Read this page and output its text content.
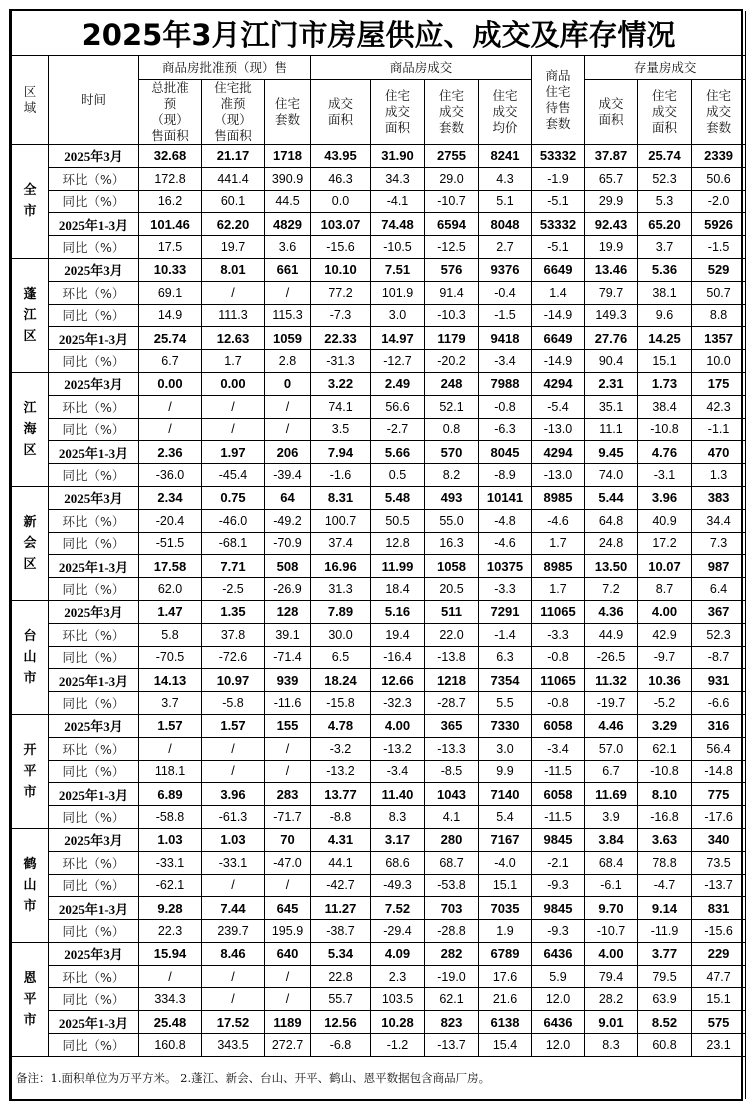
2025年3月江门市房屋供应、成交及库存情况												
区域	时间	商品房批准预（现）售			商品房成交				商品住宅待售套数	存量房成交		
		总批准预（现）售面积	住宅批准预（现）售面积	住宅套数	成交面积	住宅成交面积	住宅成交套数	住宅成交均价		成交面积	住宅成交面积	住宅成交套数
全市	2025年3月	32.68	21.17	1718	43.95	31.90	2755	8241	53332	37.87	25.74	2339
	环比（%）	172.8	441.4	390.9	46.3	34.3	29.0	4.3	-1.9	65.7	52.3	50.6
	同比（%）	16.2	60.1	44.5	0.0	-4.1	-10.7	5.1	-5.1	29.9	5.3	-2.0
	2025年1-3月	101.46	62.20	4829	103.07	74.48	6594	8048	53332	92.43	65.20	5926
	同比（%）	17.5	19.7	3.6	-15.6	-10.5	-12.5	2.7	-5.1	19.9	3.7	-1.5
蓬江区	2025年3月	10.33	8.01	661	10.10	7.51	576	9376	6649	13.46	5.36	529
	环比（%）	69.1	/	/	77.2	101.9	91.4	-0.4	1.4	79.7	38.1	50.7
	同比（%）	14.9	111.3	115.3	-7.3	3.0	-10.3	-1.5	-14.9	149.3	9.6	8.8
	2025年1-3月	25.74	12.63	1059	22.33	14.97	1179	9418	6649	27.76	14.25	1357
	同比（%）	6.7	1.7	2.8	-31.3	-12.7	-20.2	-3.4	-14.9	90.4	15.1	10.0
江海区	2025年3月	0.00	0.00	0	3.22	2.49	248	7988	4294	2.31	1.73	175
	环比（%）	/	/	/	74.1	56.6	52.1	-0.8	-5.4	35.1	38.4	42.3
	同比（%）	/	/	/	3.5	-2.7	0.8	-6.3	-13.0	11.1	-10.8	-1.1
	2025年1-3月	2.36	1.97	206	7.94	5.66	570	8045	4294	9.45	4.76	470
	同比（%）	-36.0	-45.4	-39.4	-1.6	0.5	8.2	-8.9	-13.0	74.0	-3.1	1.3
新会区	2025年3月	2.34	0.75	64	8.31	5.48	493	10141	8985	5.44	3.96	383
	环比（%）	-20.4	-46.0	-49.2	100.7	50.5	55.0	-4.8	-4.6	64.8	40.9	34.4
	同比（%）	-51.5	-68.1	-70.9	37.4	12.8	16.3	-4.6	1.7	24.8	17.2	7.3
	2025年1-3月	17.58	7.71	508	16.96	11.99	1058	10375	8985	13.50	10.07	987
	同比（%）	62.0	-2.5	-26.9	31.3	18.4	20.5	-3.3	1.7	7.2	8.7	6.4
台山市	2025年3月	1.47	1.35	128	7.89	5.16	511	7291	11065	4.36	4.00	367
	环比（%）	5.8	37.8	39.1	30.0	19.4	22.0	-1.4	-3.3	44.9	42.9	52.3
	同比（%）	-70.5	-72.6	-71.4	6.5	-16.4	-13.8	6.3	-0.8	-26.5	-9.7	-8.7
	2025年1-3月	14.13	10.97	939	18.24	12.66	1218	7354	11065	11.32	10.36	931
	同比（%）	3.7	-5.8	-11.6	-15.8	-32.3	-28.7	5.5	-0.8	-19.7	-5.2	-6.6
开平市	2025年3月	1.57	1.57	155	4.78	4.00	365	7330	6058	4.46	3.29	316
	环比（%）	/	/	/	-3.2	-13.2	-13.3	3.0	-3.4	57.0	62.1	56.4
	同比（%）	118.1	/	/	-13.2	-3.4	-8.5	9.9	-11.5	6.7	-10.8	-14.8
	2025年1-3月	6.89	3.96	283	13.77	11.40	1043	7140	6058	11.69	8.10	775
	同比（%）	-58.8	-61.3	-71.7	-8.8	8.3	4.1	5.4	-11.5	3.9	-16.8	-17.6
鹤山市	2025年3月	1.03	1.03	70	4.31	3.17	280	7167	9845	3.84	3.63	340
	环比（%）	-33.1	-33.1	-47.0	44.1	68.6	68.7	-4.0	-2.1	68.4	78.8	73.5
	同比（%）	-62.1	/	/	-42.7	-49.3	-53.8	15.1	-9.3	-6.1	-4.7	-13.7
	2025年1-3月	9.28	7.44	645	11.27	7.52	703	7035	9845	9.70	9.14	831
	同比（%）	22.3	239.7	195.9	-38.7	-29.4	-28.8	1.9	-9.3	-10.7	-11.9	-15.6
恩平市	2025年3月	15.94	8.46	640	5.34	4.09	282	6789	6436	4.00	3.77	229
	环比（%）	/	/	/	22.8	2.3	-19.0	17.6	5.9	79.4	79.5	47.7
	同比（%）	334.3	/	/	55.7	103.5	62.1	21.6	12.0	28.2	63.9	15.1
	2025年1-3月	25.48	17.52	1189	12.56	10.28	823	6138	6436	9.01	8.52	575
	同比（%）	160.8	343.5	272.7	-6.8	-1.2	-13.7	15.4	12.0	8.3	60.8	23.1
备注：1.面积单位为万平方米。 2.蓬江、新会、台山、开平、鹤山、恩平数据包含商品厂房。												
